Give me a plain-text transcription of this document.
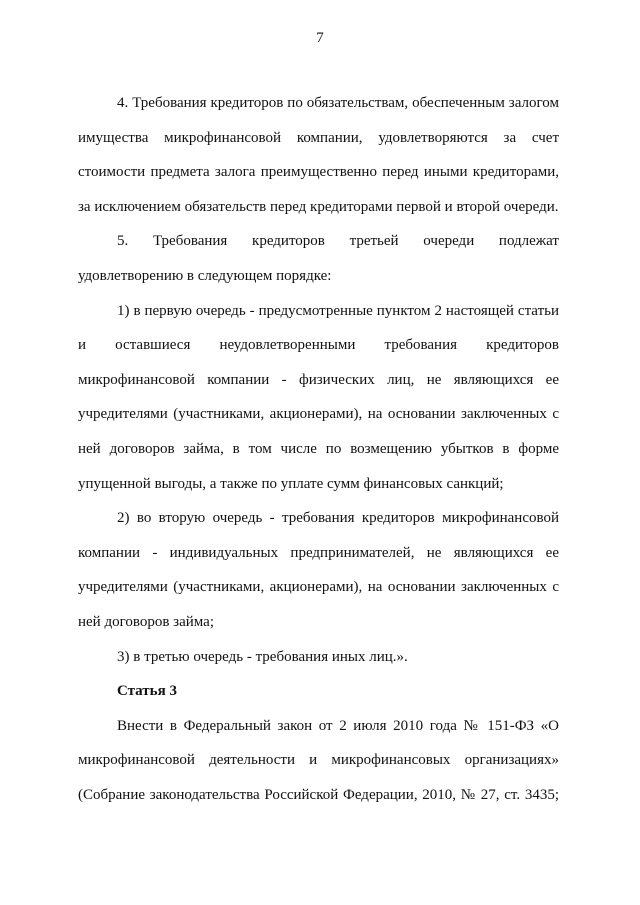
7

4. Требования кредиторов по обязательствам, обеспеченным залогом имущества микрофинансовой компании, удовлетворяются за счет стоимости предмета залога преимущественно перед иными кредиторами, за исключением обязательств перед кредиторами первой и второй очереди.

5. Требования кредиторов третьей очереди подлежат удовлетворению в следующем порядке:

1) в первую очередь - предусмотренные пунктом 2 настоящей статьи и оставшиеся неудовлетворенными требования кредиторов микрофинансовой компании - физических лиц, не являющихся ее учредителями (участниками, акционерами), на основании заключенных с ней договоров займа, в том числе по возмещению убытков в форме упущенной выгоды, а также по уплате сумм финансовых санкций;

2) во вторую очередь - требования кредиторов микрофинансовой компании - индивидуальных предпринимателей, не являющихся ее учредителями (участниками, акционерами), на основании заключенных с ней договоров займа;

3) в третью очередь - требования иных лиц.».

Статья 3

Внести в Федеральный закон от 2 июля 2010 года № 151-ФЗ «О микрофинансовой деятельности и микрофинансовых организациях» (Собрание законодательства Российской Федерации, 2010, № 27, ст. 3435;
